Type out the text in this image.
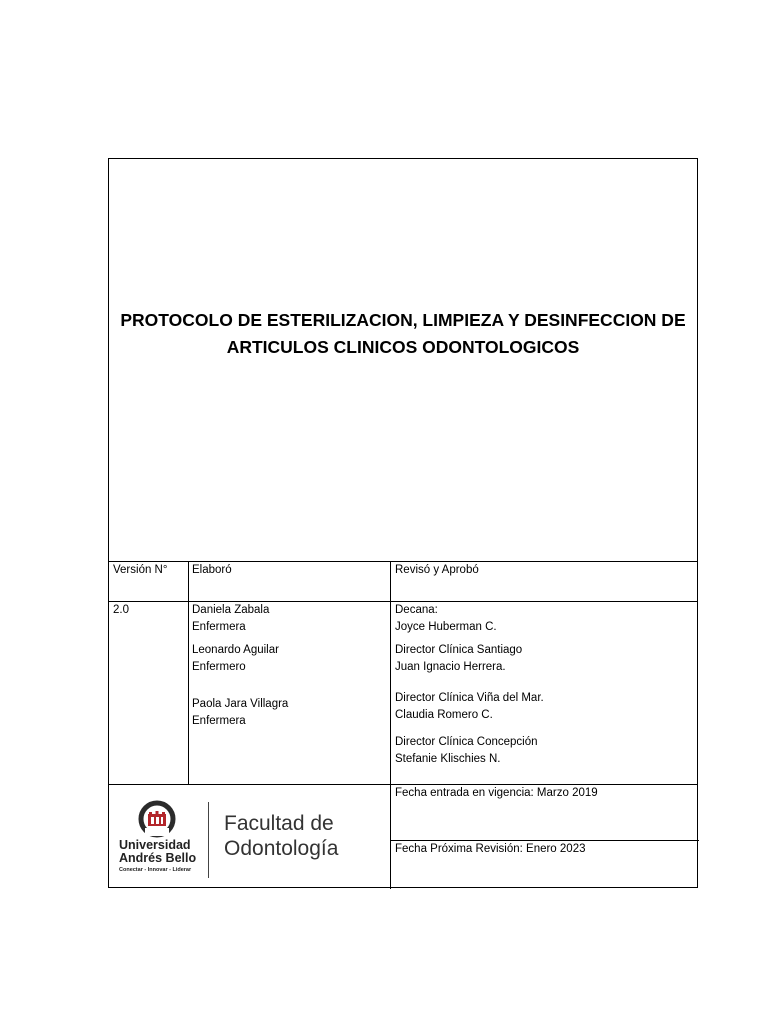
PROTOCOLO DE ESTERILIZACION, LIMPIEZA Y DESINFECCION DE
ARTICULOS CLINICOS ODONTOLOGICOS
Versión N° Elaboró	Revisó y Aprobó
2.0	Daniela Zabala
Enfermera
Leonardo Aguilar
Enfermero
Paola Jara Villagra
Enfermera
Decana:
Joyce Huberman C.
Director Clínica Santiago
Juan Ignacio Herrera.
Director Clínica Viña del Mar.
Claudia Romero C.
Director Clínica Concepción
Stefanie Klischies N.
Fecha entrada en vigencia: Marzo 2019
Fecha Próxima Revisión: Enero 2023
Universidad
Andrés Bello
Conectar - Innovar - Liderar
Facultad de
Odontología
